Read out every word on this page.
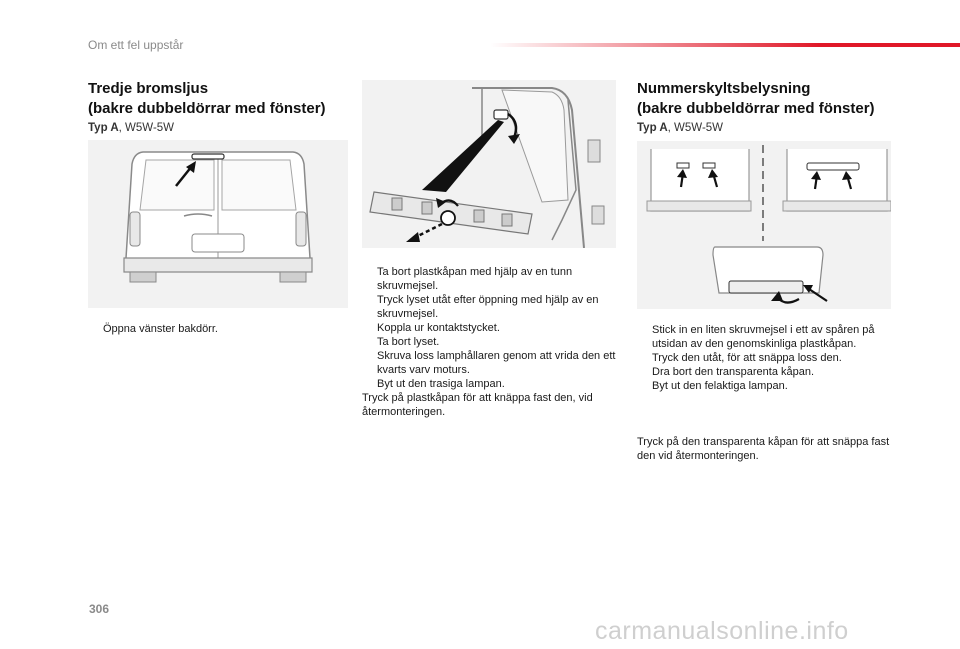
Om ett fel uppstår
Tredje bromsljus
(bakre dubbeldörrar med fönster)
Typ A, W5W-5W
Öppna vänster bakdörr.
Ta bort plastkåpan med hjälp av en tunn skruvmejsel.
Tryck lyset utåt efter öppning med hjälp av en skruvmejsel.
Koppla ur kontaktstycket.
Ta bort lyset.
Skruva loss lamphållaren genom att vrida den ett kvarts varv moturs.
Byt ut den trasiga lampan.

Tryck på plastkåpan för att knäppa fast den, vid återmonteringen.

Nummerskyltsbelysning
(bakre dubbeldörrar med fönster)
Typ A, W5W-5W
Stick in en liten skruvmejsel i ett av spåren på utsidan av den genomskinliga plastkåpan.
Tryck den utåt, för att snäppa loss den.
Dra bort den transparenta kåpan.
Byt ut den felaktiga lampan.

Tryck på den transparenta kåpan för att snäppa fast den vid återmonteringen.

306
carmanualsonline.info
